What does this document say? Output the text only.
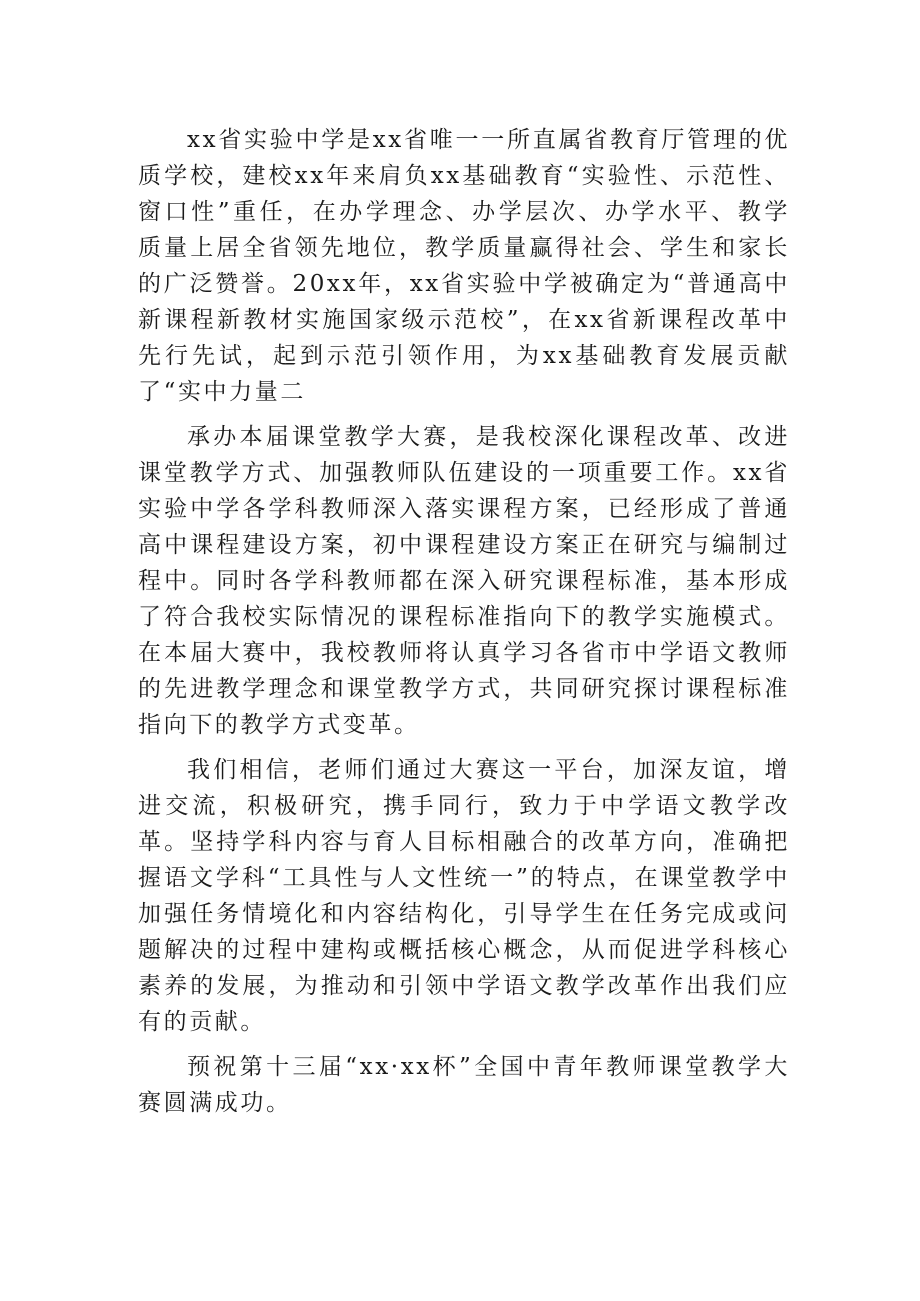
xx省实验中学是xx省唯一一所直属省教育厅管理的优质学校，建校xx年来肩负xx基础教育“实验性、示范性、窗口性”重任，在办学理念、办学层次、办学水平、教学质量上居全省领先地位，教学质量赢得社会、学生和家长的广泛赞誉。20xx年，xx省实验中学被确定为“普通高中新课程新教材实施国家级示范校”，在xx省新课程改革中先行先试，起到示范引领作用，为xx基础教育发展贡献了“实中力量二

承办本届课堂教学大赛，是我校深化课程改革、改进课堂教学方式、加强教师队伍建设的一项重要工作。xx省实验中学各学科教师深入落实课程方案，已经形成了普通高中课程建设方案，初中课程建设方案正在研究与编制过程中。同时各学科教师都在深入研究课程标准，基本形成了符合我校实际情况的课程标准指向下的教学实施模式。在本届大赛中，我校教师将认真学习各省市中学语文教师的先进教学理念和课堂教学方式，共同研究探讨课程标准指向下的教学方式变革。

我们相信，老师们通过大赛这一平台，加深友谊，增进交流，积极研究，携手同行，致力于中学语文教学改革。坚持学科内容与育人目标相融合的改革方向，准确把握语文学科“工具性与人文性统一”的特点，在课堂教学中加强任务情境化和内容结构化，引导学生在任务完成或问题解决的过程中建构或概括核心概念，从而促进学科核心素养的发展，为推动和引领中学语文教学改革作出我们应有的贡献。

预祝第十三届“xx·xx杯”全国中青年教师课堂教学大赛圆满成功。
